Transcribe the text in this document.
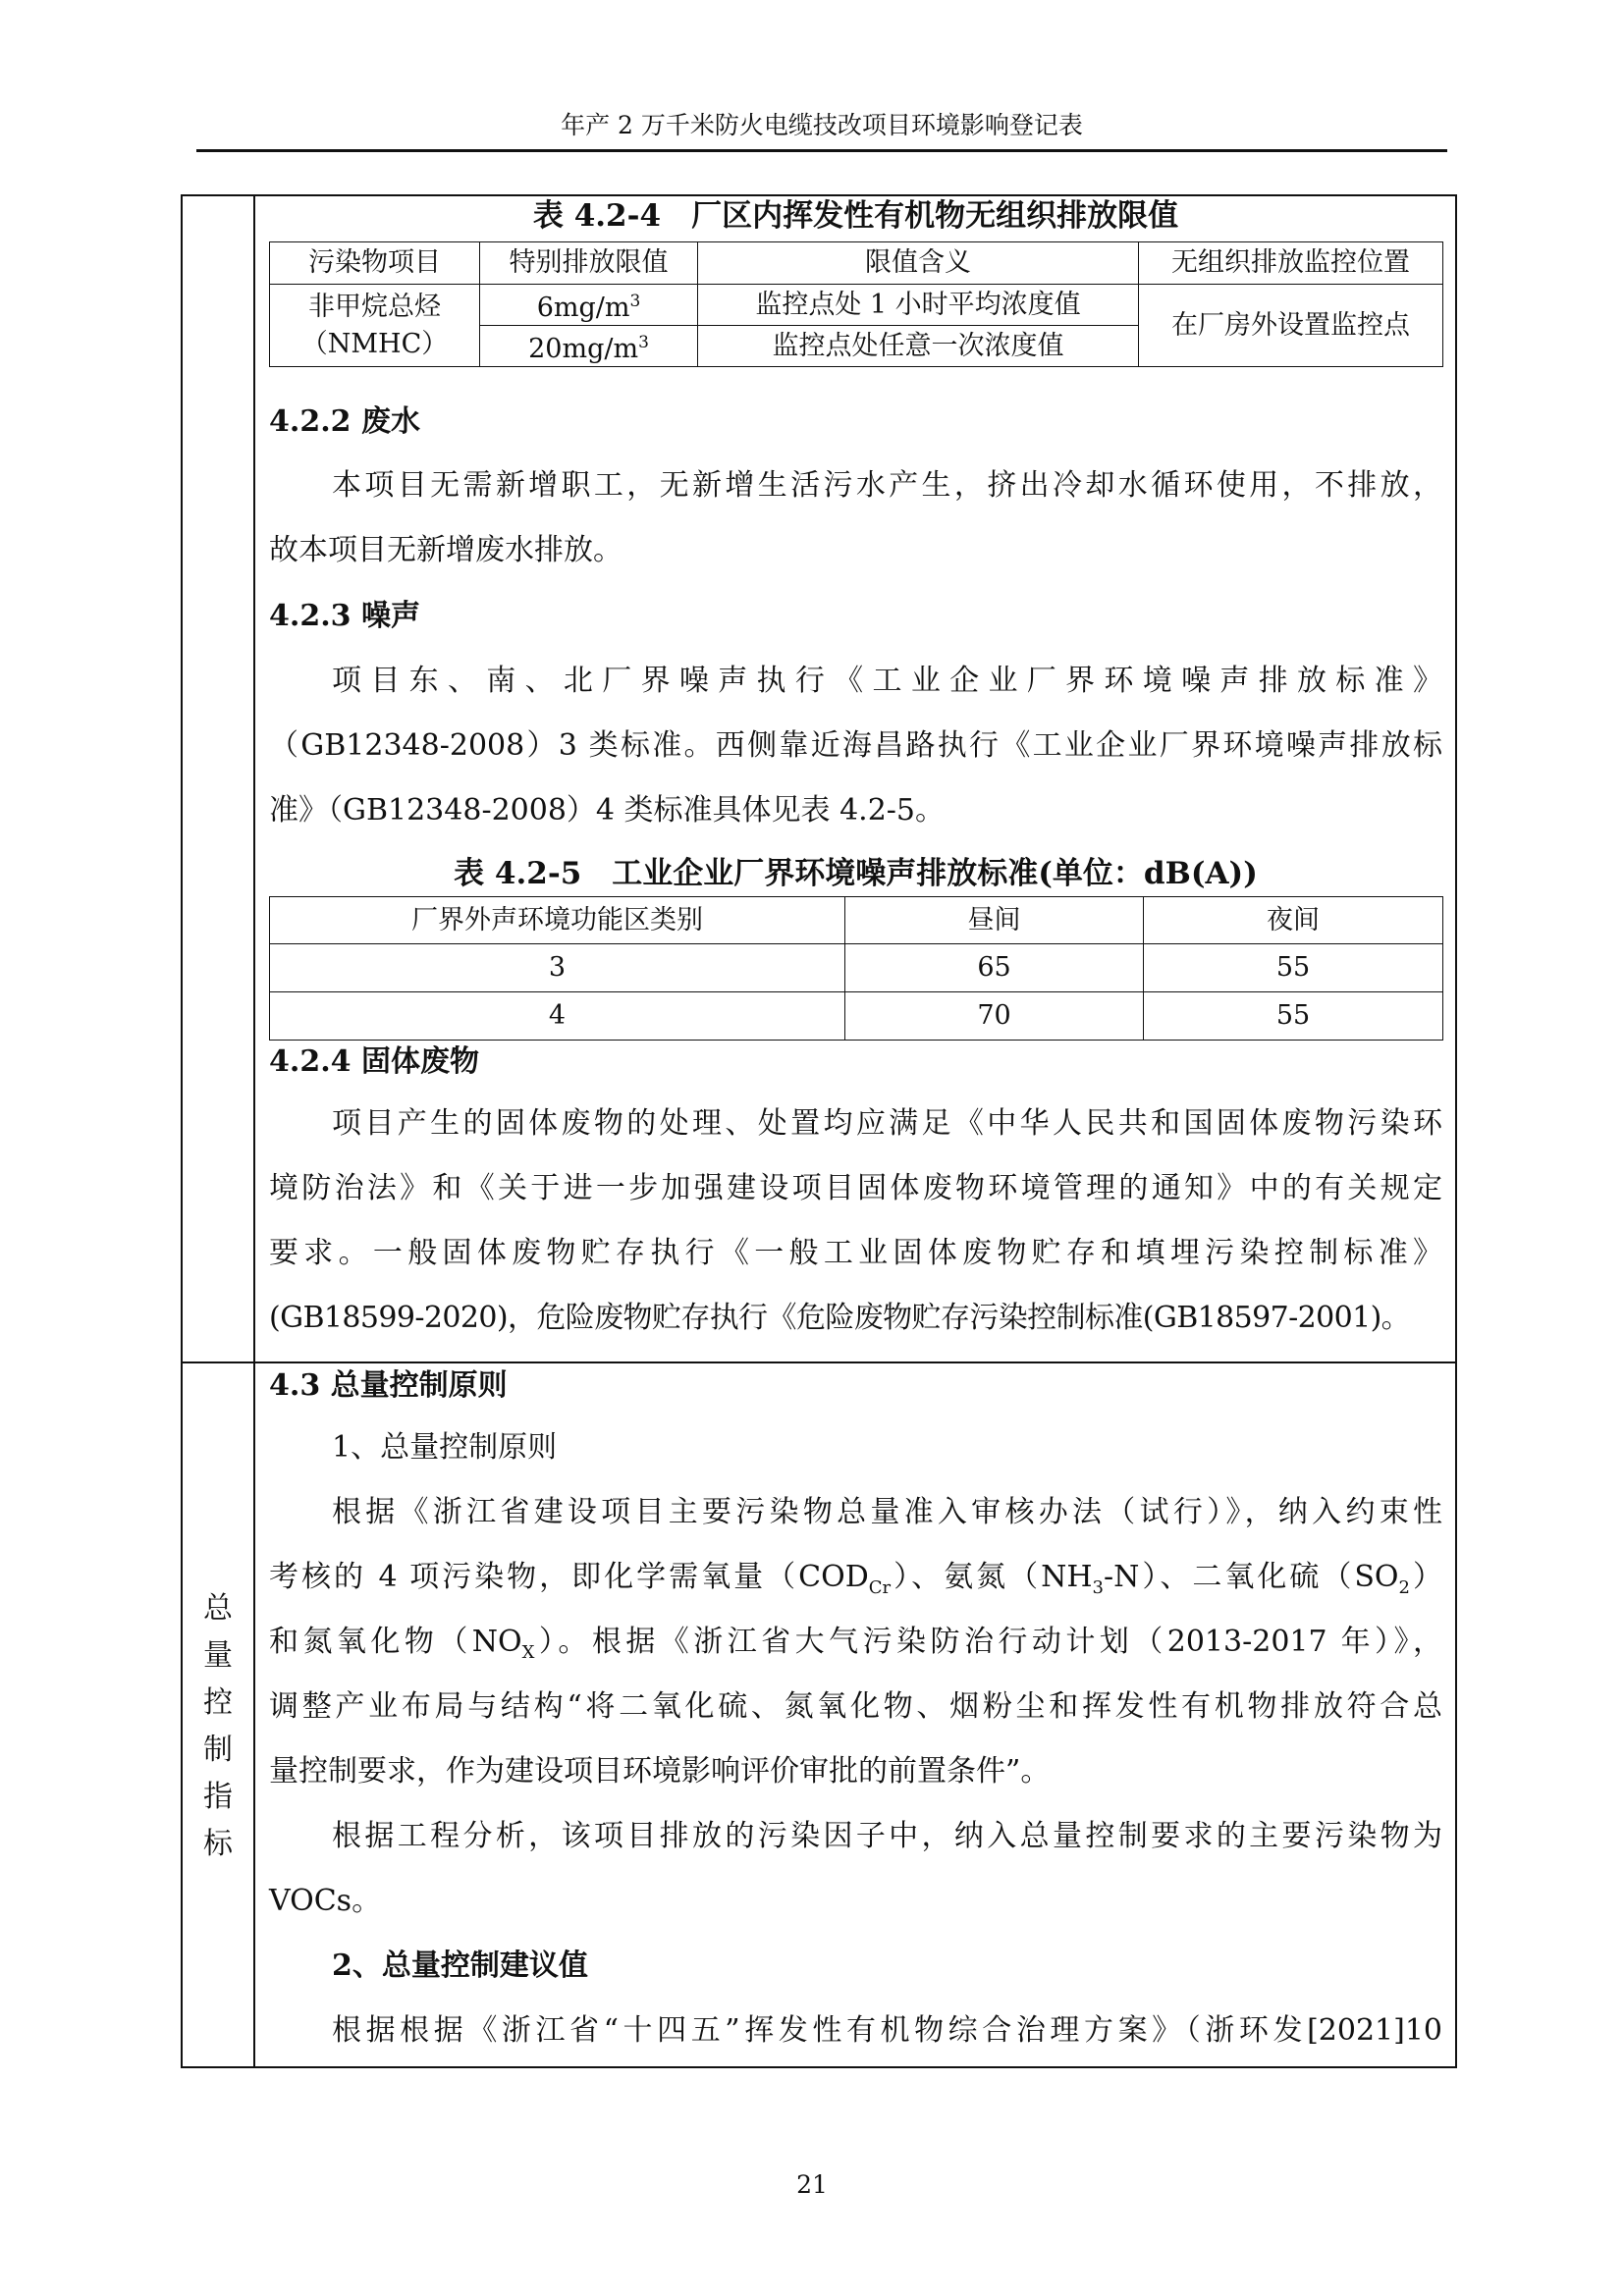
年产 2 万千米防火电缆技改项目环境影响登记表
总
量
控
制
指
标
表 4.2-4　厂区内挥发性有机物无组织排放限值
污染物项目	特别排放限值	限值含义	无组织排放监控位置

非甲烷总烃
（NMHC）	$6mg/m^3$	监控点处 1 小时平均浓度值	在厂房外设置监控点
	$20mg/m^3$	监控点处任意一次浓度值	
4.2.2 废水
本项目无需新增职工，无新增生活污水产生，挤出冷却水循环使用，不排放，
故本项目无新增废水排放。
4.2.3 噪声
项目东、南、北厂界噪声执行《工业企业厂界环境噪声排放标准》
（GB12348-2008）3 类标准。西侧靠近海昌路执行《工业企业厂界环境噪声排放标
准》（GB12348-2008）4 类标准具体见表 4.2-5。
表 4.2-5　工业企业厂界环境噪声排放标准(单位：dB(A))
厂界外声环境功能区类别	昼间	夜间
3	65	55
4	70	55
4.2.4 固体废物
项目产生的固体废物的处理、处置均应满足《中华人民共和国固体废物污染环
境防治法》和《关于进一步加强建设项目固体废物环境管理的通知》中的有关规定
要求。一般固体废物贮存执行《一般工业固体废物贮存和填埋污染控制标准》
(GB18599-2020)，危险废物贮存执行《危险废物贮存污染控制标准(GB18597-2001)。
4.3 总量控制原则
1、总量控制原则
根据《浙江省建设项目主要污染物总量准入审核办法（试行）》，纳入约束性
考核的 4 项污染物，即化学需氧量$(COD_{Cr})$、氨氮$(NH_3-N)$、二氧化硫$(SO_2)$
和氮氧化物$(NO_X)$。根据《浙江省大气污染防治行动计划（2013-2017 年）》，
调整产业布局与结构“将二氧化硫、氮氧化物、烟粉尘和挥发性有机物排放符合总
量控制要求，作为建设项目环境影响评价审批的前置条件”。
根据工程分析，该项目排放的污染因子中，纳入总量控制要求的主要污染物为
VOCs。
2、总量控制建议值
根据根据《浙江省“十四五”挥发性有机物综合治理方案》（浙环发[2021]10
21
